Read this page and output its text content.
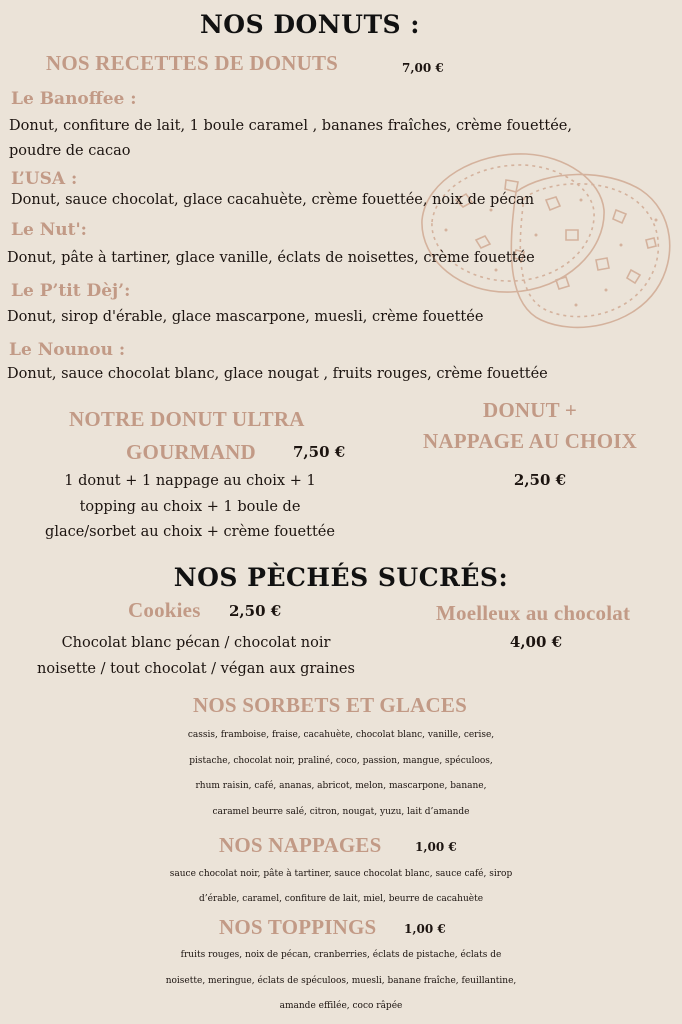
NOS DONUTS :
NOS RECETTES DE DONUTS	7,00 €
Le Banoffee :
Donut, confiture de lait, 1 boule caramel , bananes fraîches, crème fouettée,
poudre de cacao
L’USA :
Donut, sauce chocolat, glace cacahuète, crème fouettée, noix de pécan
Le Nut':
Donut, pâte à tartiner, glace vanille, éclats de noisettes, crème fouettée
Le P’tit Dèj’:
Donut, sirop d'érable, glace mascarpone, muesli, crème fouettée
Le Nounou :
Donut, sauce chocolat blanc, glace nougat , fruits rouges, crème fouettée
NOTRE DONUT ULTRA
GOURMAND 7,50 €
1 donut + 1 nappage au choix + 1
topping au choix + 1 boule de
glace/sorbet au choix + crème fouettée
DONUT +
NAPPAGE AU CHOIX
2,50 €
NOS PÈCHÉS SUCRÉS:
Cookies 2,50 €
Chocolat blanc pécan / chocolat noir
noisette / tout chocolat / végan aux graines
Moelleux au chocolat
4,00 €
NOS SORBETS ET GLACES
cassis, framboise, fraise, cacahuète, chocolat blanc, vanille, cerise,
pistache, chocolat noir, praliné, coco, passion, mangue, spéculoos,
rhum raisin, café, ananas, abricot, melon, mascarpone, banane,
caramel beurre salé, citron, nougat, yuzu, lait d’amande
NOS NAPPAGES	1,00 €
sauce chocolat noir, pâte à tartiner, sauce chocolat blanc, sauce café, sirop
d’érable, caramel, confiture de lait, miel, beurre de cacahuète
NOS TOPPINGS 1,00 €
fruits rouges, noix de pécan, cranberries, éclats de pistache, éclats de
noisette, meringue, éclats de spéculoos, muesli, banane fraîche, feuillantine,
amande effilée, coco râpée
